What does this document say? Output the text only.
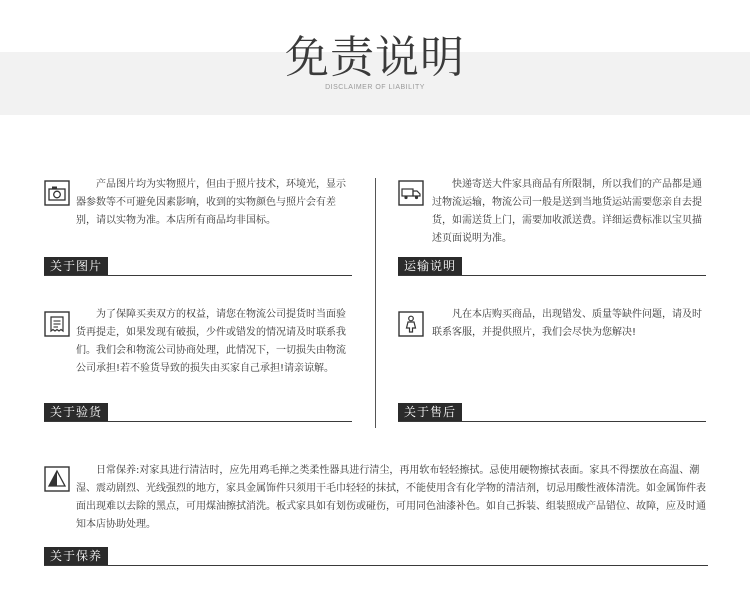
免责说明
DISCLAIMER OF LIABILITY

　　产品图片均为实物照片，但由于照片技术，环境光，显示器参数等不可避免因素影响，收到的实物颜色与照片会有差别，请以实物为准。本店所有商品均非国标。

关于图片

　　快递寄送大件家具商品有所限制，所以我们的产品都是通过物流运输，物流公司一般是送到当地货运站需要您亲自去提货，如需送货上门，需要加收派送费。详细运费标准以宝贝描述页面说明为准。

运输说明

　　为了保障买卖双方的权益，请您在物流公司提货时当面验货再提走，如果发现有破损，少件或错发的情况请及时联系我们。我们会和物流公司协商处理，此情况下，一切损失由物流公司承担!若不验货导致的损失由买家自己承担!请亲谅解。

关于验货

　　凡在本店购买商品，出现错发、质量等缺件问题，请及时联系客服，并提供照片，我们会尽快为您解决!

关于售后

　　日常保养:对家具进行清洁时，应先用鸡毛掸之类柔性器具进行清尘，再用软布轻轻擦拭。忌使用硬物擦拭表面。家具不得摆放在高温、潮湿、震动剧烈、光线强烈的地方，家具金属饰件只须用干毛巾轻轻的抹拭，不能使用含有化学物的清洁剂，切忌用酸性液体清洗。如金属饰件表面出现难以去除的黑点，可用煤油擦拭消洗。板式家具如有划伤或碰伤，可用同色油漆补色。如自己拆装、组装照成产品错位、故障，应及时通知本店协助处理。

关于保养
